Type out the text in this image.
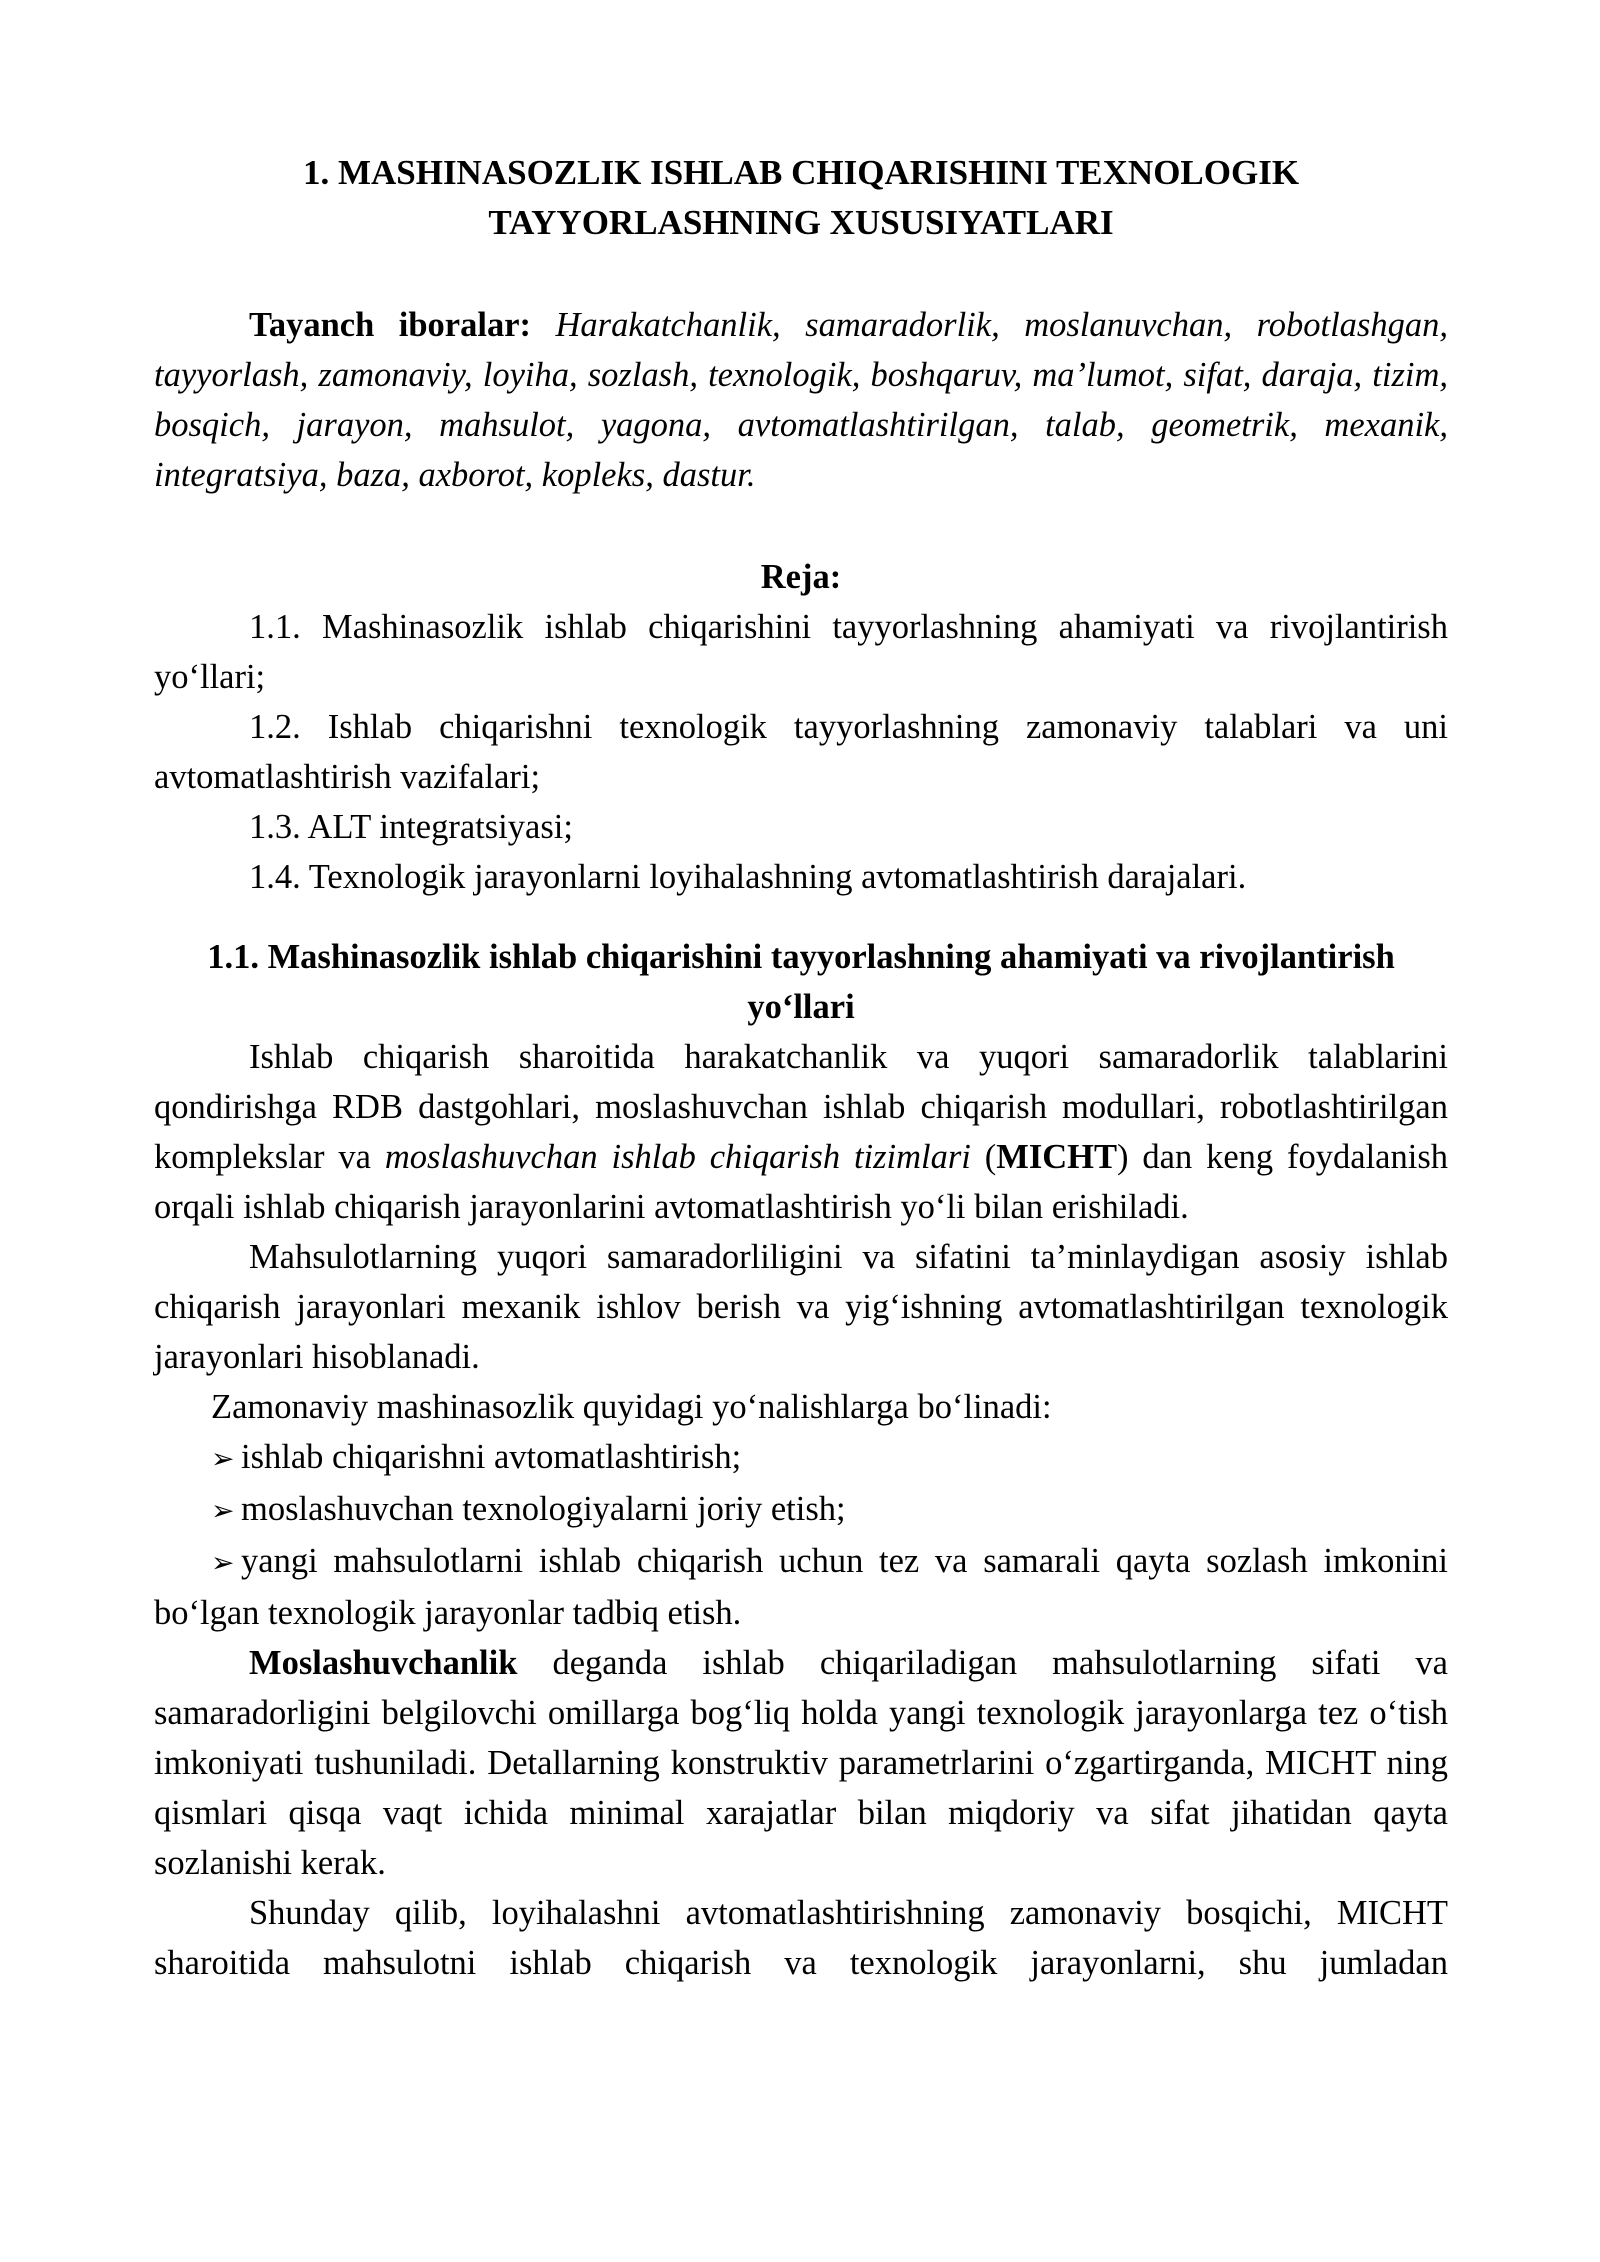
1. MASHINASOZLIK ISHLAB CHIQARISHINI TEXNOLOGIK

TAYYORLASHNING XUSUSIYATLARI

Tayanch iboralar: Harakatchanlik, samaradorlik, moslanuvchan, robotlashgan, tayyorlash, zamonaviy, loyiha, sozlash, texnologik, boshqaruv, ma’lumot, sifat, daraja, tizim, bosqich, jarayon, mahsulot, yagona, avtomatlashtirilgan, talab, geometrik, mexanik, integratsiya, baza, axborot, kopleks, dastur.

Reja:

1.1. Mashinasozlik ishlab chiqarishini tayyorlashning ahamiyati va rivojlantirish yo‘llari;

1.2. Ishlab chiqarishni texnologik tayyorlashning zamonaviy talablari va uni avtomatlashtirish vazifalari;

1.3. ALT integratsiyasi;

1.4. Texnologik jarayonlarni loyihalashning avtomatlashtirish darajalari.

1.1. Mashinasozlik ishlab chiqarishini tayyorlashning ahamiyati va rivojlantirish yo‘llari

Ishlab chiqarish sharoitida harakatchanlik va yuqori samaradorlik talablarini qondirishga RDB dastgohlari, moslashuvchan ishlab chiqarish modullari, robotlashtirilgan komplekslar va moslashuvchan ishlab chiqarish tizimlari (MICHT) dan keng foydalanish orqali ishlab chiqarish jarayonlarini avtomatlashtirish yo‘li bilan erishiladi.

Mahsulotlarning yuqori samaradorliligini va sifatini ta’minlaydigan asosiy ishlab chiqarish jarayonlari mexanik ishlov berish va yig‘ishning avtomatlashtirilgan texnologik jarayonlari hisoblanadi.

Zamonaviy mashinasozlik quyidagi yo‘nalishlarga bo‘linadi:

➢ ishlab chiqarishni avtomatlashtirish;

➢ moslashuvchan texnologiyalarni joriy etish;

➢ yangi mahsulotlarni ishlab chiqarish uchun tez va samarali qayta sozlash imkonini bo‘lgan texnologik jarayonlar tadbiq etish.

Moslashuvchanlik deganda ishlab chiqariladigan mahsulotlarning sifati va samaradorligini belgilovchi omillarga bog‘liq holda yangi texnologik jarayonlarga tez o‘tish imkoniyati tushuniladi. Detallarning konstruktiv parametrlarini o‘zgartirganda, MICHT ning qismlari qisqa vaqt ichida minimal xarajatlar bilan miqdoriy va sifat jihatidan qayta sozlanishi kerak.

Shunday qilib, loyihalashni avtomatlashtirishning zamonaviy bosqichi, MICHT sharoitida mahsulotni ishlab chiqarish va texnologik jarayonlarni, shu jumladan
